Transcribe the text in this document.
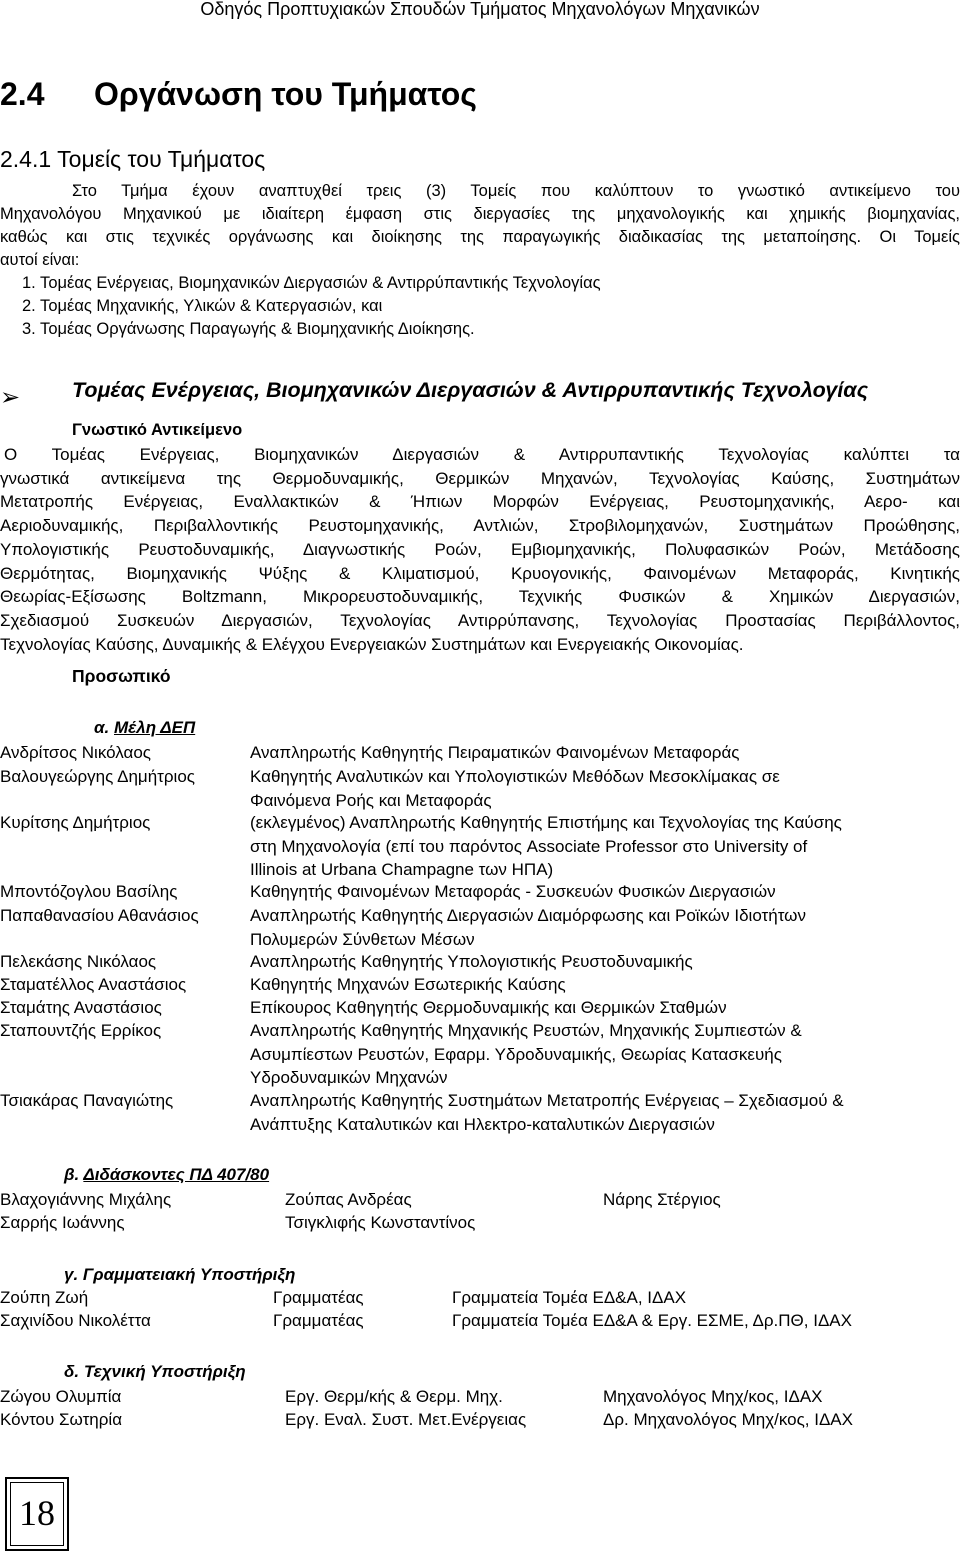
Οδηγός Προπτυχιακών Σπουδών Τμήματος Μηχανολόγων Μηχανικών
2.4 Οργάνωση του Τμήματος
2.4.1 Τομείς του Τμήματος
Στο Τμήμα έχουν αναπτυχθεί τρεις (3) Τομείς που καλύπτουν το γνωστικό αντικείμενο του
Μηχανολόγου Μηχανικού με ιδιαίτερη έμφαση στις διεργασίες της μηχανολογικής και χημικής βιομηχανίας,
καθώς και στις τεχνικές οργάνωσης και διοίκησης της παραγωγικής διαδικασίας της μεταποίησης. Οι Τομείς
αυτοί είναι:
1. Τομέας Ενέργειας, Βιομηχανικών Διεργασιών & Αντιρρύπαντικής Τεχνολογίας
2. Τομέας Μηχανικής, Υλικών & Κατεργασιών, και
3. Τομέας Οργάνωσης Παραγωγής & Βιομηχανικής Διοίκησης.
➢ Τομέας Ενέργειας, Βιομηχανικών Διεργασιών & Αντιρρυπαντικής Τεχνολογίας
Γνωστικό Αντικείμενο
Ο Τομέας Ενέργειας, Βιομηχανικών Διεργασιών & Αντιρρυπαντικής Τεχνολογίας καλύπτει τα
γνωστικά αντικείμενα της Θερμοδυναμικής, Θερμικών Μηχανών, Τεχνολογίας Καύσης, Συστημάτων
Μετατροπής Ενέργειας, Εναλλακτικών & Ήπιων Μορφών Ενέργειας, Ρευστομηχανικής, Αερο- και
Αεριοδυναμικής, Περιβαλλοντικής Ρευστομηχανικής, Αντλιών, Στροβιλομηχανών, Συστημάτων Προώθησης,
Υπολογιστικής Ρευστοδυναμικής, Διαγνωστικής Ροών, Εμβιομηχανικής, Πολυφασικών Ροών, Μετάδοσης
Θερμότητας, Βιομηχανικής Ψύξης & Κλιματισμού, Κρυογονικής, Φαινομένων Μεταφοράς, Κινητικής
Θεωρίας-Εξίσωσης Boltzmann, Μικρορευστοδυναμικής, Τεχνικής Φυσικών & Χημικών Διεργασιών,
Σχεδιασμού Συσκευών Διεργασιών, Τεχνολογίας Αντιρρύπανσης, Τεχνολογίας Προστασίας Περιβάλλοντος,
Τεχνολογίας Καύσης, Δυναμικής & Ελέγχου Ενεργειακών Συστημάτων και Ενεργειακής Οικονομίας.
Προσωπικό
α. Μέλη ΔΕΠ
Ανδρίτσος Νικόλαος	Αναπληρωτής Καθηγητής Πειραματικών Φαινομένων Μεταφοράς
Βαλουγεώργης Δημήτριος	Καθηγητής Αναλυτικών και Υπολογιστικών Μεθόδων Μεσοκλίμακας σε
Φαινόμενα Ροής και Μεταφοράς
Κυρίτσης Δημήτριος	(εκλεγμένος) Αναπληρωτής Καθηγητής Επιστήμης και Τεχνολογίας της Καύσης
στη Μηχανολογία (επί του παρόντος Associate Professor στο University of
Illinois at Urbana Champagne των ΗΠΑ)
Μποντόζογλου Βασίλης	Καθηγητής Φαινομένων Μεταφοράς - Συσκευών Φυσικών Διεργασιών
Παπαθανασίου Αθανάσιος	Αναπληρωτής Καθηγητής Διεργασιών Διαμόρφωσης και Ροϊκών Ιδιοτήτων
Πολυμερών Σύνθετων Μέσων
Πελεκάσης Νικόλαος	Αναπληρωτής Καθηγητής Υπολογιστικής Ρευστοδυναμικής
Σταματέλλος Αναστάσιος	Καθηγητής Μηχανών Εσωτερικής Καύσης
Σταμάτης Αναστάσιος	Επίκουρος Καθηγητής Θερμοδυναμικής και Θερμικών Σταθμών
Σταπουντζής Ερρίκος	Αναπληρωτής Καθηγητής Μηχανικής Ρευστών, Μηχανικής Συμπιεστών &
Ασυμπίεστων Ρευστών, Εφαρμ. Υδροδυναμικής, Θεωρίας Κατασκευής
Υδροδυναμικών Μηχανών
Τσιακάρας Παναγιώτης	Αναπληρωτής Καθηγητής Συστημάτων Μετατροπής Ενέργειας – Σχεδιασμού &
Ανάπτυξης Καταλυτικών και Ηλεκτρο-καταλυτικών Διεργασιών
β. Διδάσκοντες ΠΔ 407/80
Βλαχογιάννης Μιχάλης	Ζούπας Ανδρέας	Νάρης Στέργιος
Σαρρής Ιωάννης	Τσιγκλιφής Κωνσταντίνος
γ. Γραμματειακή Υποστήριξη
Ζούπη Ζωή	Γραμματέας	Γραμματεία Τομέα ΕΔ&Α, ΙΔΑΧ
Σαχινίδου Νικολέττα	Γραμματέας	Γραμματεία Τομέα ΕΔ&Α & Εργ. ΕΣΜΕ, Δρ.ΠΘ, ΙΔΑΧ
δ. Τεχνική Υποστήριξη
Ζώγου Ολυμπία	Εργ. Θερμ/κής & Θερμ. Μηχ.	Μηχανολόγος Μηχ/κος, ΙΔΑΧ
Κόντου Σωτηρία	Εργ. Εναλ. Συστ. Μετ.Ενέργειας	Δρ. Μηχανολόγος Μηχ/κος, ΙΔΑΧ
18
